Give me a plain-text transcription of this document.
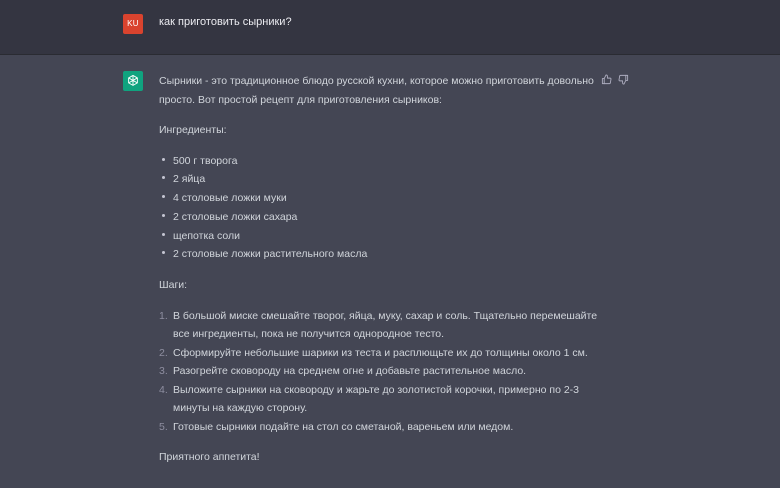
KU	как приготовить сырники?

Сырники - это традиционное блюдо русской кухни, которое можно приготовить довольно просто. Вот простой рецепт для приготовления сырников:

Ингредиенты:

500 г творога
2 яйца
4 столовые ложки муки
2 столовые ложки сахара
щепотка соли
2 столовые ложки растительного масла

Шаги:

1. В большой миске смешайте творог, яйца, муку, сахар и соль. Тщательно перемешайте все ингредиенты, пока не получится однородное тесто.
2. Сформируйте небольшие шарики из теста и расплющьте их до толщины около 1 см.
3. Разогрейте сковороду на среднем огне и добавьте растительное масло.
4. Выложите сырники на сковороду и жарьте до золотистой корочки, примерно по 2-3 минуты на каждую сторону.
5. Готовые сырники подайте на стол со сметаной, вареньем или медом.

Приятного аппетита!
